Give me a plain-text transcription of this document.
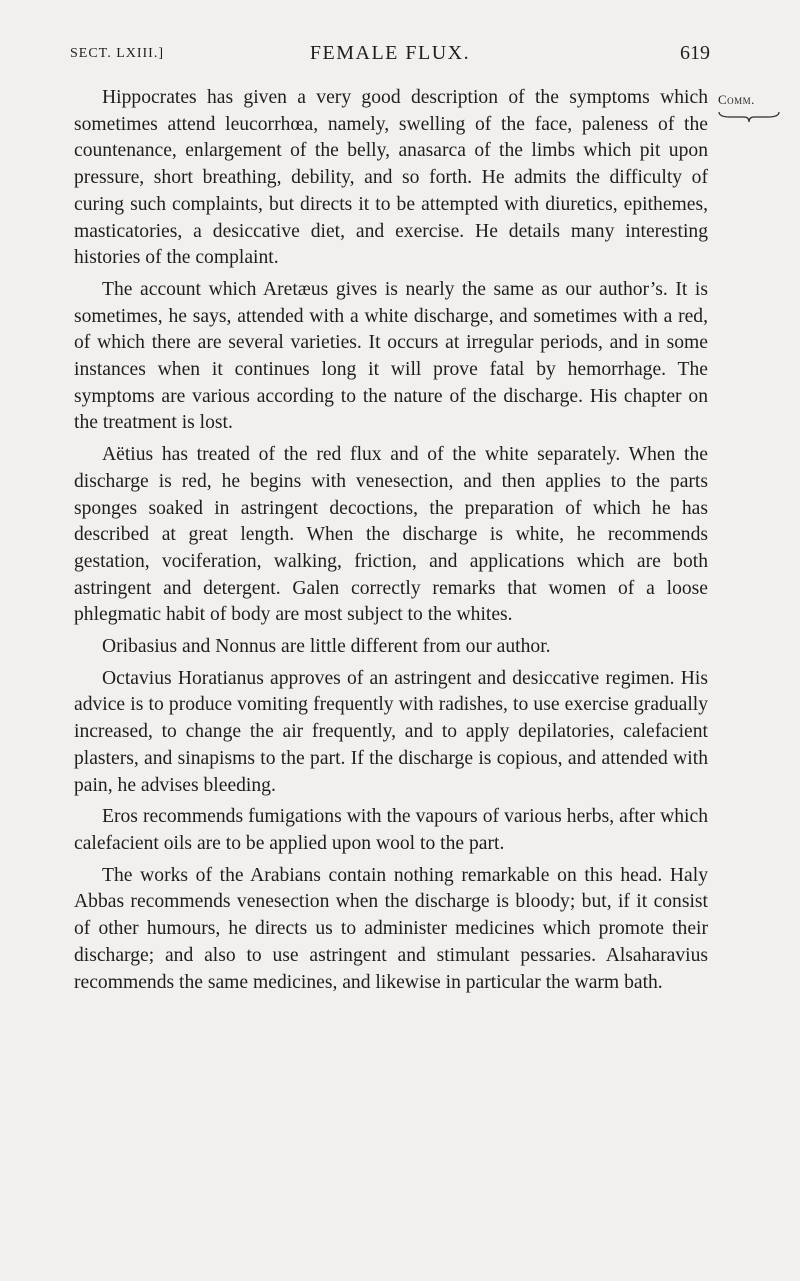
SECT. LXIII.]	FEMALE FLUX.	619
Comm.

Hippocrates has given a very good description of the symptoms which sometimes attend leucorrhœa, namely, swelling of the face, paleness of the countenance, enlargement of the belly, anasarca of the limbs which pit upon pressure, short breathing, debility, and so forth. He admits the difficulty of curing such complaints, but directs it to be attempted with diuretics, epithemes, masticatories, a desiccative diet, and exercise. He details many interesting histories of the complaint.

The account which Aretæus gives is nearly the same as our author’s. It is sometimes, he says, attended with a white discharge, and sometimes with a red, of which there are several varieties. It occurs at irregular periods, and in some instances when it continues long it will prove fatal by hemorrhage. The symptoms are various according to the nature of the discharge. His chapter on the treatment is lost.

Aëtius has treated of the red flux and of the white separately. When the discharge is red, he begins with venesection, and then applies to the parts sponges soaked in astringent decoctions, the preparation of which he has described at great length. When the discharge is white, he recommends gestation, vociferation, walking, friction, and applications which are both astringent and detergent. Galen correctly remarks that women of a loose phlegmatic habit of body are most subject to the whites.

Oribasius and Nonnus are little different from our author.

Octavius Horatianus approves of an astringent and desiccative regimen. His advice is to produce vomiting frequently with radishes, to use exercise gradually increased, to change the air frequently, and to apply depilatories, calefacient plasters, and sinapisms to the part. If the discharge is copious, and attended with pain, he advises bleeding.

Eros recommends fumigations with the vapours of various herbs, after which calefacient oils are to be applied upon wool to the part.

The works of the Arabians contain nothing remarkable on this head. Haly Abbas recommends venesection when the discharge is bloody; but, if it consist of other humours, he directs us to administer medicines which promote their discharge; and also to use astringent and stimulant pessaries. Alsaharavius recommends the same medicines, and likewise in particular the warm bath.
